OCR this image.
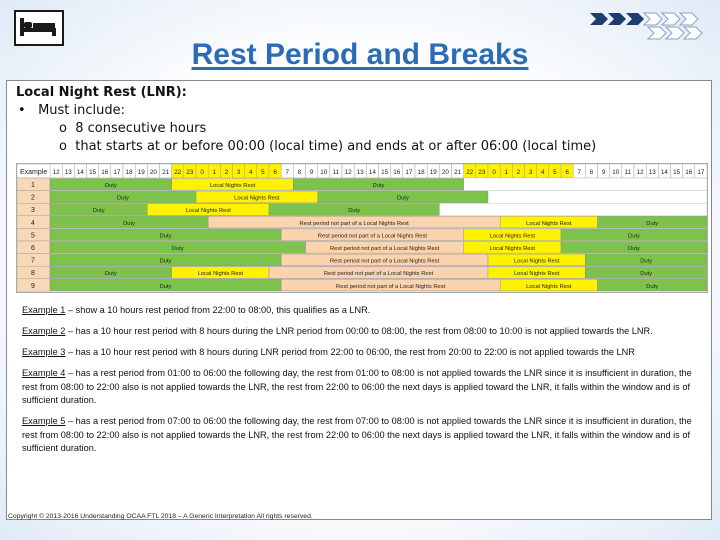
Rest Period and Breaks
Local Night Rest (LNR):
• Must include:
o 8 consecutive hours
o that starts at or before 00:00 (local time) and ends at or after 06:00 (local time)
Example 12 13 14 15 16 17 18 19 20 21 22 23 0 1 2 3 4 5 6 7 8 9 10 11 12 13 14 15 16 17 18 19 20 21 22 23 0 1 2 3 4 5 6 7 8 9 10 11 12 13 14 15 16 17
1	Duty	Local Nights Rest	Duty
2	Duty	Local Nights Rest	Duty
3	Duty	Local Nights Rest	Duty
4	Duty	Rest period not part of a Local Nights Rest	Local Nights Rest	Duty
5	Duty	Rest period not part of a Local Nights Rest	Local Nights Rest	Duty
6	Duty	Rest period not part of a Local Nights Rest	Local Nights Rest	Duty
7	Duty	Rest period not part of a Local Nights Rest	Local Nights Rest	Duty
8	Duty	Local Nights Rest	Rest period not part of a Local Nights Rest	Local Nights Rest	Duty
9	Duty	Rest period not part of a Local Nights Rest	Local Nights Rest	Duty

Example 1 – show a 10 hours rest period from 22:00 to 08:00, this qualifies as a LNR.

Example 2 – has a 10 hour rest period with 8 hours during the LNR period from 00:00 to 08:00, the rest from 08:00 to 10:00 is not applied towards the LNR.

Example 3 – has a 10 hour rest period with 8 hours during LNR period from 22:00 to 06:00, the rest from 20:00 to 22:00 is not applied towards the LNR

Example 4 – has a rest period from 01:00 to 06:00 the following day, the rest from 01:00 to 08:00 is not applied towards the LNR since it is insufficient in duration, the rest from 08:00 to 22:00 also is not applied towards the LNR, the rest from 22:00 to 06:00 the next days is applied toward the LNR, it falls within the window and is of sufficient duration.

Example 5 – has a rest period from 07:00 to 06:00 the following day, the rest from 07:00 to 08:00 is not applied towards the LNR since it is insufficient in duration, the rest from 08:00 to 22:00 also is not applied towards the LNR, the rest from 22:00 to 06:00 the next days is applied toward the LNR, it falls within the window and is of sufficient duration.

Copyright © 2013-2016 Understanding OCAA FTL 2018 – A Generic Interpretation All rights reserved.
